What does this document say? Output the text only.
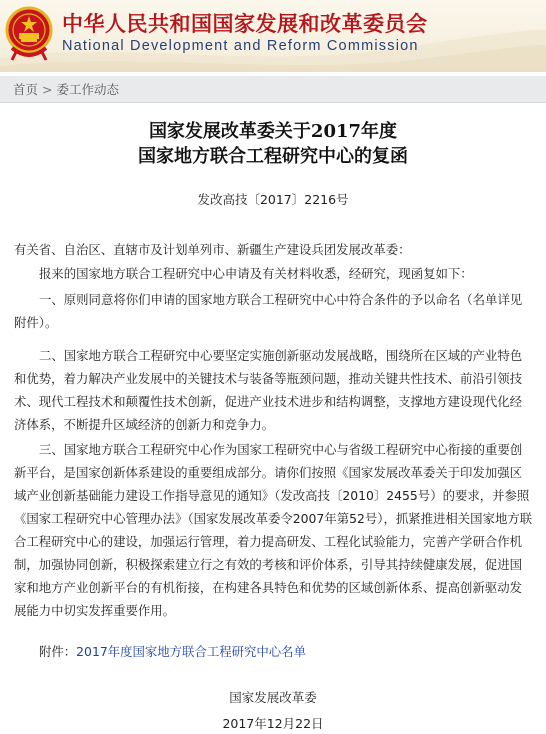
中华人民共和国国家发展和改革委员会
National Development and Reform Commission
首页 > 委工作动态
国家发展改革委关于2017年度
国家地方联合工程研究中心的复函
发改高技〔2017〕2216号
有关省、自治区、直辖市及计划单列市、新疆生产建设兵团发展改革委：
报来的国家地方联合工程研究中心申请及有关材料收悉，经研究，现函复如下：
一、原则同意将你们申请的国家地方联合工程研究中心中符合条件的予以命名（名单详见附件）。
二、国家地方联合工程研究中心要坚定实施创新驱动发展战略，围绕所在区域的产业特色和优势，着力解决产业发展中的关键技术与装备等瓶颈问题，推动关键共性技术、前沿引领技术、现代工程技术和颠覆性技术创新，促进产业技术进步和结构调整，支撑地方建设现代化经济体系，不断提升区域经济的创新力和竞争力。
三、国家地方联合工程研究中心作为国家工程研究中心与省级工程研究中心衔接的重要创新平台，是国家创新体系建设的重要组成部分。请你们按照《国家发展改革委关于印发加强区域产业创新基础能力建设工作指导意见的通知》（发改高技〔2010〕2455号）的要求，并参照《国家工程研究中心管理办法》（国家发展改革委令2007年第52号），抓紧推进相关国家地方联合工程研究中心的建设，加强运行管理，着力提高研发、工程化试验能力，完善产学研合作机制，加强协同创新，积极探索建立行之有效的考核和评价体系，引导其持续健康发展，促进国家和地方产业创新平台的有机衔接，在构建各具特色和优势的区域创新体系、提高创新驱动发展能力中切实发挥重要作用。
附件：2017年度国家地方联合工程研究中心名单
国家发展改革委
2017年12月22日
